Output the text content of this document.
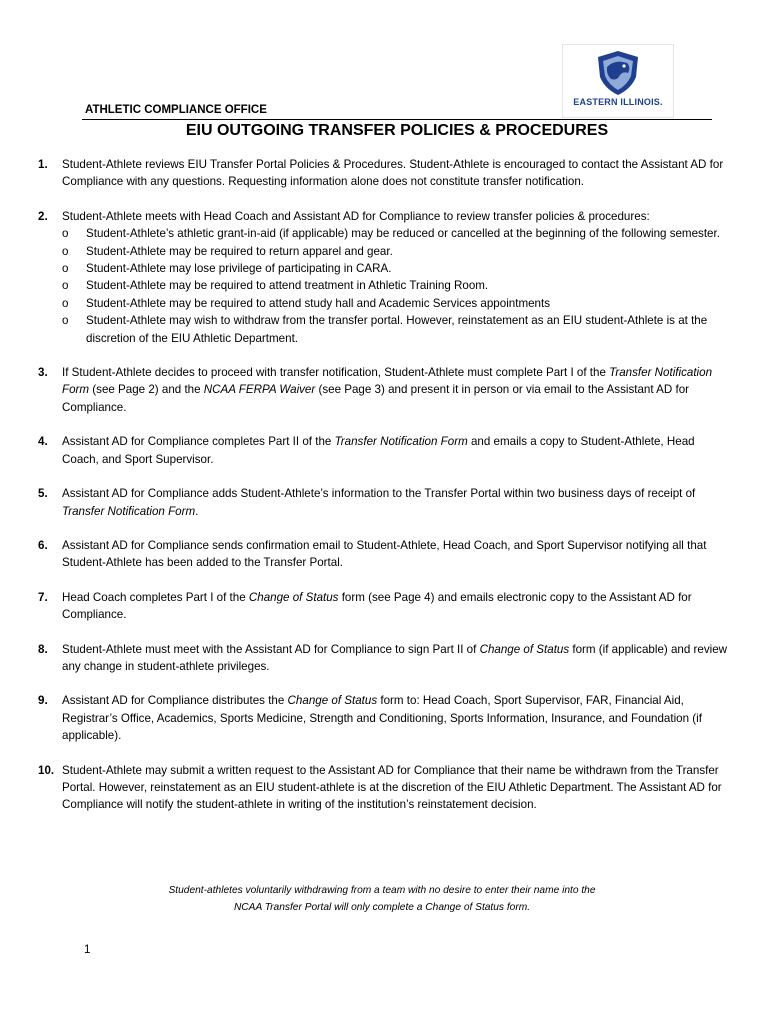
EASTERN ILLINOIS.
ATHLETIC COMPLIANCE OFFICE
EIU OUTGOING TRANSFER POLICIES & PROCEDURES
1. Student-Athlete reviews EIU Transfer Portal Policies & Procedures. Student-Athlete is encouraged to contact the Assistant AD for Compliance with any questions. Requesting information alone does not constitute transfer notification.
2. Student-Athlete meets with Head Coach and Assistant AD for Compliance to review transfer policies & procedures:
o Student-Athlete’s athletic grant-in-aid (if applicable) may be reduced or cancelled at the beginning of the following semester.
o Student-Athlete may be required to return apparel and gear.
o Student-Athlete may lose privilege of participating in CARA.
o Student-Athlete may be required to attend treatment in Athletic Training Room.
o Student-Athlete may be required to attend study hall and Academic Services appointments
o Student-Athlete may wish to withdraw from the transfer portal. However, reinstatement as an EIU student-Athlete is at the discretion of the EIU Athletic Department.
3. If Student-Athlete decides to proceed with transfer notification, Student-Athlete must complete Part I of the Transfer Notification Form (see Page 2) and the NCAA FERPA Waiver (see Page 3) and present it in person or via email to the Assistant AD for Compliance.
4. Assistant AD for Compliance completes Part II of the Transfer Notification Form and emails a copy to Student-Athlete, Head Coach, and Sport Supervisor.
5. Assistant AD for Compliance adds Student-Athlete’s information to the Transfer Portal within two business days of receipt of Transfer Notification Form.
6. Assistant AD for Compliance sends confirmation email to Student-Athlete, Head Coach, and Sport Supervisor notifying all that Student-Athlete has been added to the Transfer Portal.
7. Head Coach completes Part I of the Change of Status form (see Page 4) and emails electronic copy to the Assistant AD for Compliance.
8. Student-Athlete must meet with the Assistant AD for Compliance to sign Part II of Change of Status form (if applicable) and review any change in student-athlete privileges.
9. Assistant AD for Compliance distributes the Change of Status form to: Head Coach, Sport Supervisor, FAR, Financial Aid, Registrar’s Office, Academics, Sports Medicine, Strength and Conditioning, Sports Information, Insurance, and Foundation (if applicable).
10. Student-Athlete may submit a written request to the Assistant AD for Compliance that their name be withdrawn from the Transfer Portal. However, reinstatement as an EIU student-athlete is at the discretion of the EIU Athletic Department. The Assistant AD for Compliance will notify the student-athlete in writing of the institution’s reinstatement decision.
Student-athletes voluntarily withdrawing from a team with no desire to enter their name into the
NCAA Transfer Portal will only complete a Change of Status form.
1
